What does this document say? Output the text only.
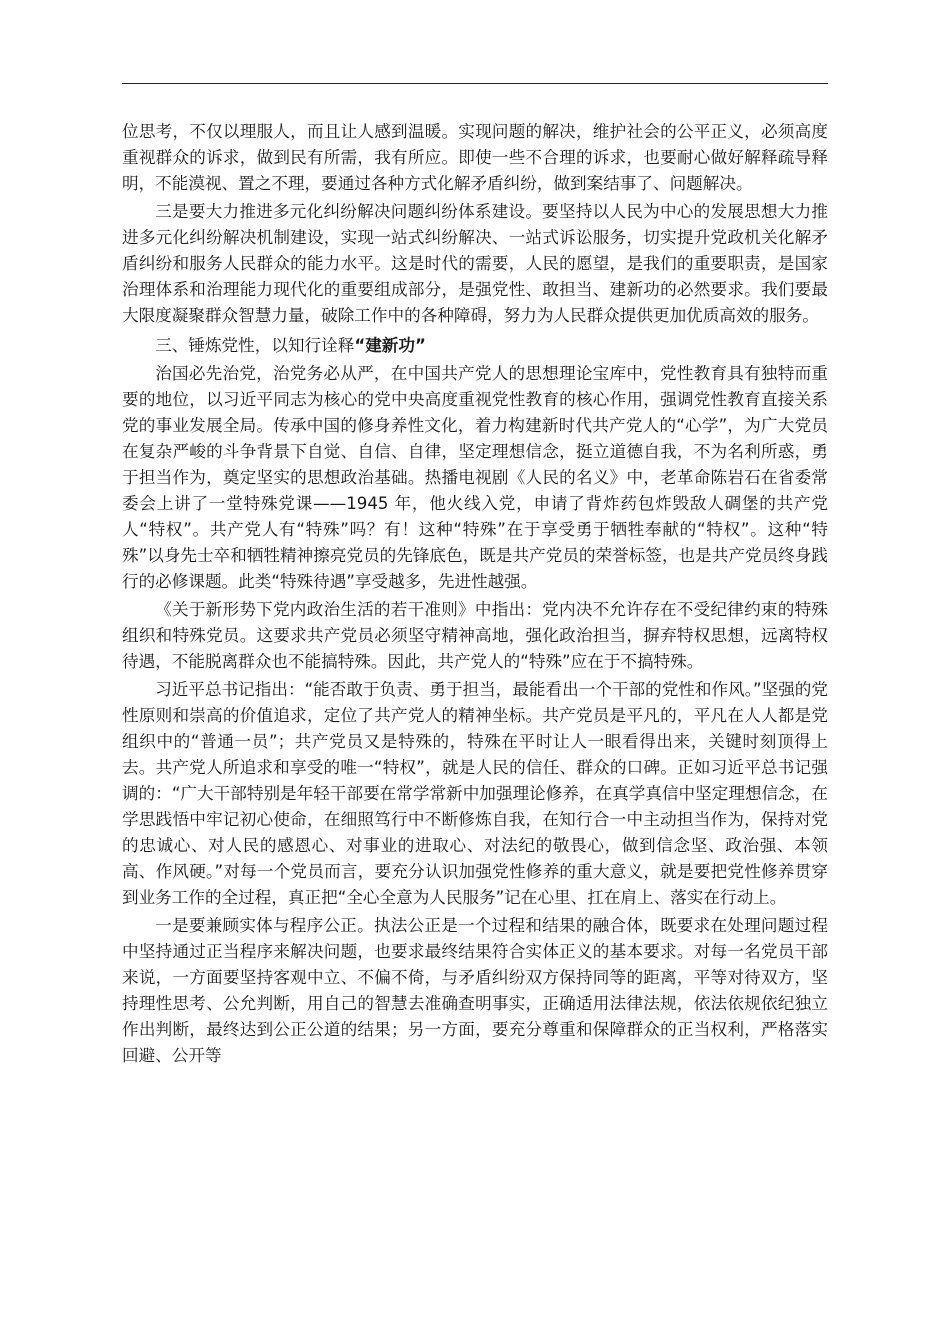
位思考，不仅以理服人，而且让人感到温暖。实现问题的解决，维护社会的公平正义，必须高度重视群众的诉求，做到民有所需，我有所应。即使一些不合理的诉求，也要耐心做好解释疏导释明，不能漠视、置之不理，要通过各种方式化解矛盾纠纷，做到案结事了、问题解决。

三是要大力推进多元化纠纷解决问题纠纷体系建设。要坚持以人民为中心的发展思想大力推进多元化纠纷解决机制建设，实现一站式纠纷解决、一站式诉讼服务，切实提升党政机关化解矛盾纠纷和服务人民群众的能力水平。这是时代的需要，人民的愿望，是我们的重要职责，是国家治理体系和治理能力现代化的重要组成部分，是强党性、敢担当、建新功的必然要求。我们要最大限度凝聚群众智慧力量，破除工作中的各种障碍，努力为人民群众提供更加优质高效的服务。

三、锤炼党性，以知行诠释“建新功”

治国必先治党，治党务必从严，在中国共产党人的思想理论宝库中，党性教育具有独特而重要的地位，以习近平同志为核心的党中央高度重视党性教育的核心作用，强调党性教育直接关系党的事业发展全局。传承中国的修身养性文化，着力构建新时代共产党人的“心学”，为广大党员在复杂严峻的斗争背景下自觉、自信、自律，坚定理想信念，挺立道德自我，不为名利所惑，勇于担当作为，奠定坚实的思想政治基础。热播电视剧《人民的名义》中，老革命陈岩石在省委常委会上讲了一堂特殊党课——1945 年，他火线入党，申请了背炸药包炸毁敌人碉堡的共产党人“特权”。共产党人有“特殊”吗？有！这种“特殊”在于享受勇于牺牲奉献的“特权”。这种“特殊”以身先士卒和牺牲精神擦亮党员的先锋底色，既是共产党员的荣誉标签，也是共产党员终身践行的必修课题。此类“特殊待遇”享受越多，先进性越强。

《关于新形势下党内政治生活的若干准则》中指出：党内决不允许存在不受纪律约束的特殊组织和特殊党员。这要求共产党员必须坚守精神高地，强化政治担当，摒弃特权思想，远离特权待遇，不能脱离群众也不能搞特殊。因此，共产党人的“特殊”应在于不搞特殊。

习近平总书记指出：“能否敢于负责、勇于担当，最能看出一个干部的党性和作风。”坚强的党性原则和崇高的价值追求，定位了共产党人的精神坐标。共产党员是平凡的，平凡在人人都是党组织中的“普通一员”；共产党员又是特殊的，特殊在平时让人一眼看得出来，关键时刻顶得上去。共产党人所追求和享受的唯一“特权”，就是人民的信任、群众的口碑。正如习近平总书记强调的：“广大干部特别是年轻干部要在常学常新中加强理论修养，在真学真信中坚定理想信念，在学思践悟中牢记初心使命，在细照笃行中不断修炼自我，在知行合一中主动担当作为，保持对党的忠诚心、对人民的感恩心、对事业的进取心、对法纪的敬畏心，做到信念坚、政治强、本领高、作风硬。”对每一个党员而言，要充分认识加强党性修养的重大意义，就是要把党性修养贯穿到业务工作的全过程，真正把“全心全意为人民服务”记在心里、扛在肩上、落实在行动上。

一是要兼顾实体与程序公正。执法公正是一个过程和结果的融合体，既要求在处理问题过程中坚持通过正当程序来解决问题，也要求最终结果符合实体正义的基本要求。对每一名党员干部来说，一方面要坚持客观中立、不偏不倚，与矛盾纠纷双方保持同等的距离，平等对待双方，坚持理性思考、公允判断，用自己的智慧去准确查明事实，正确适用法律法规，依法依规依纪独立作出判断，最终达到公正公道的结果；另一方面，要充分尊重和保障群众的正当权利，严格落实回避、公开等
